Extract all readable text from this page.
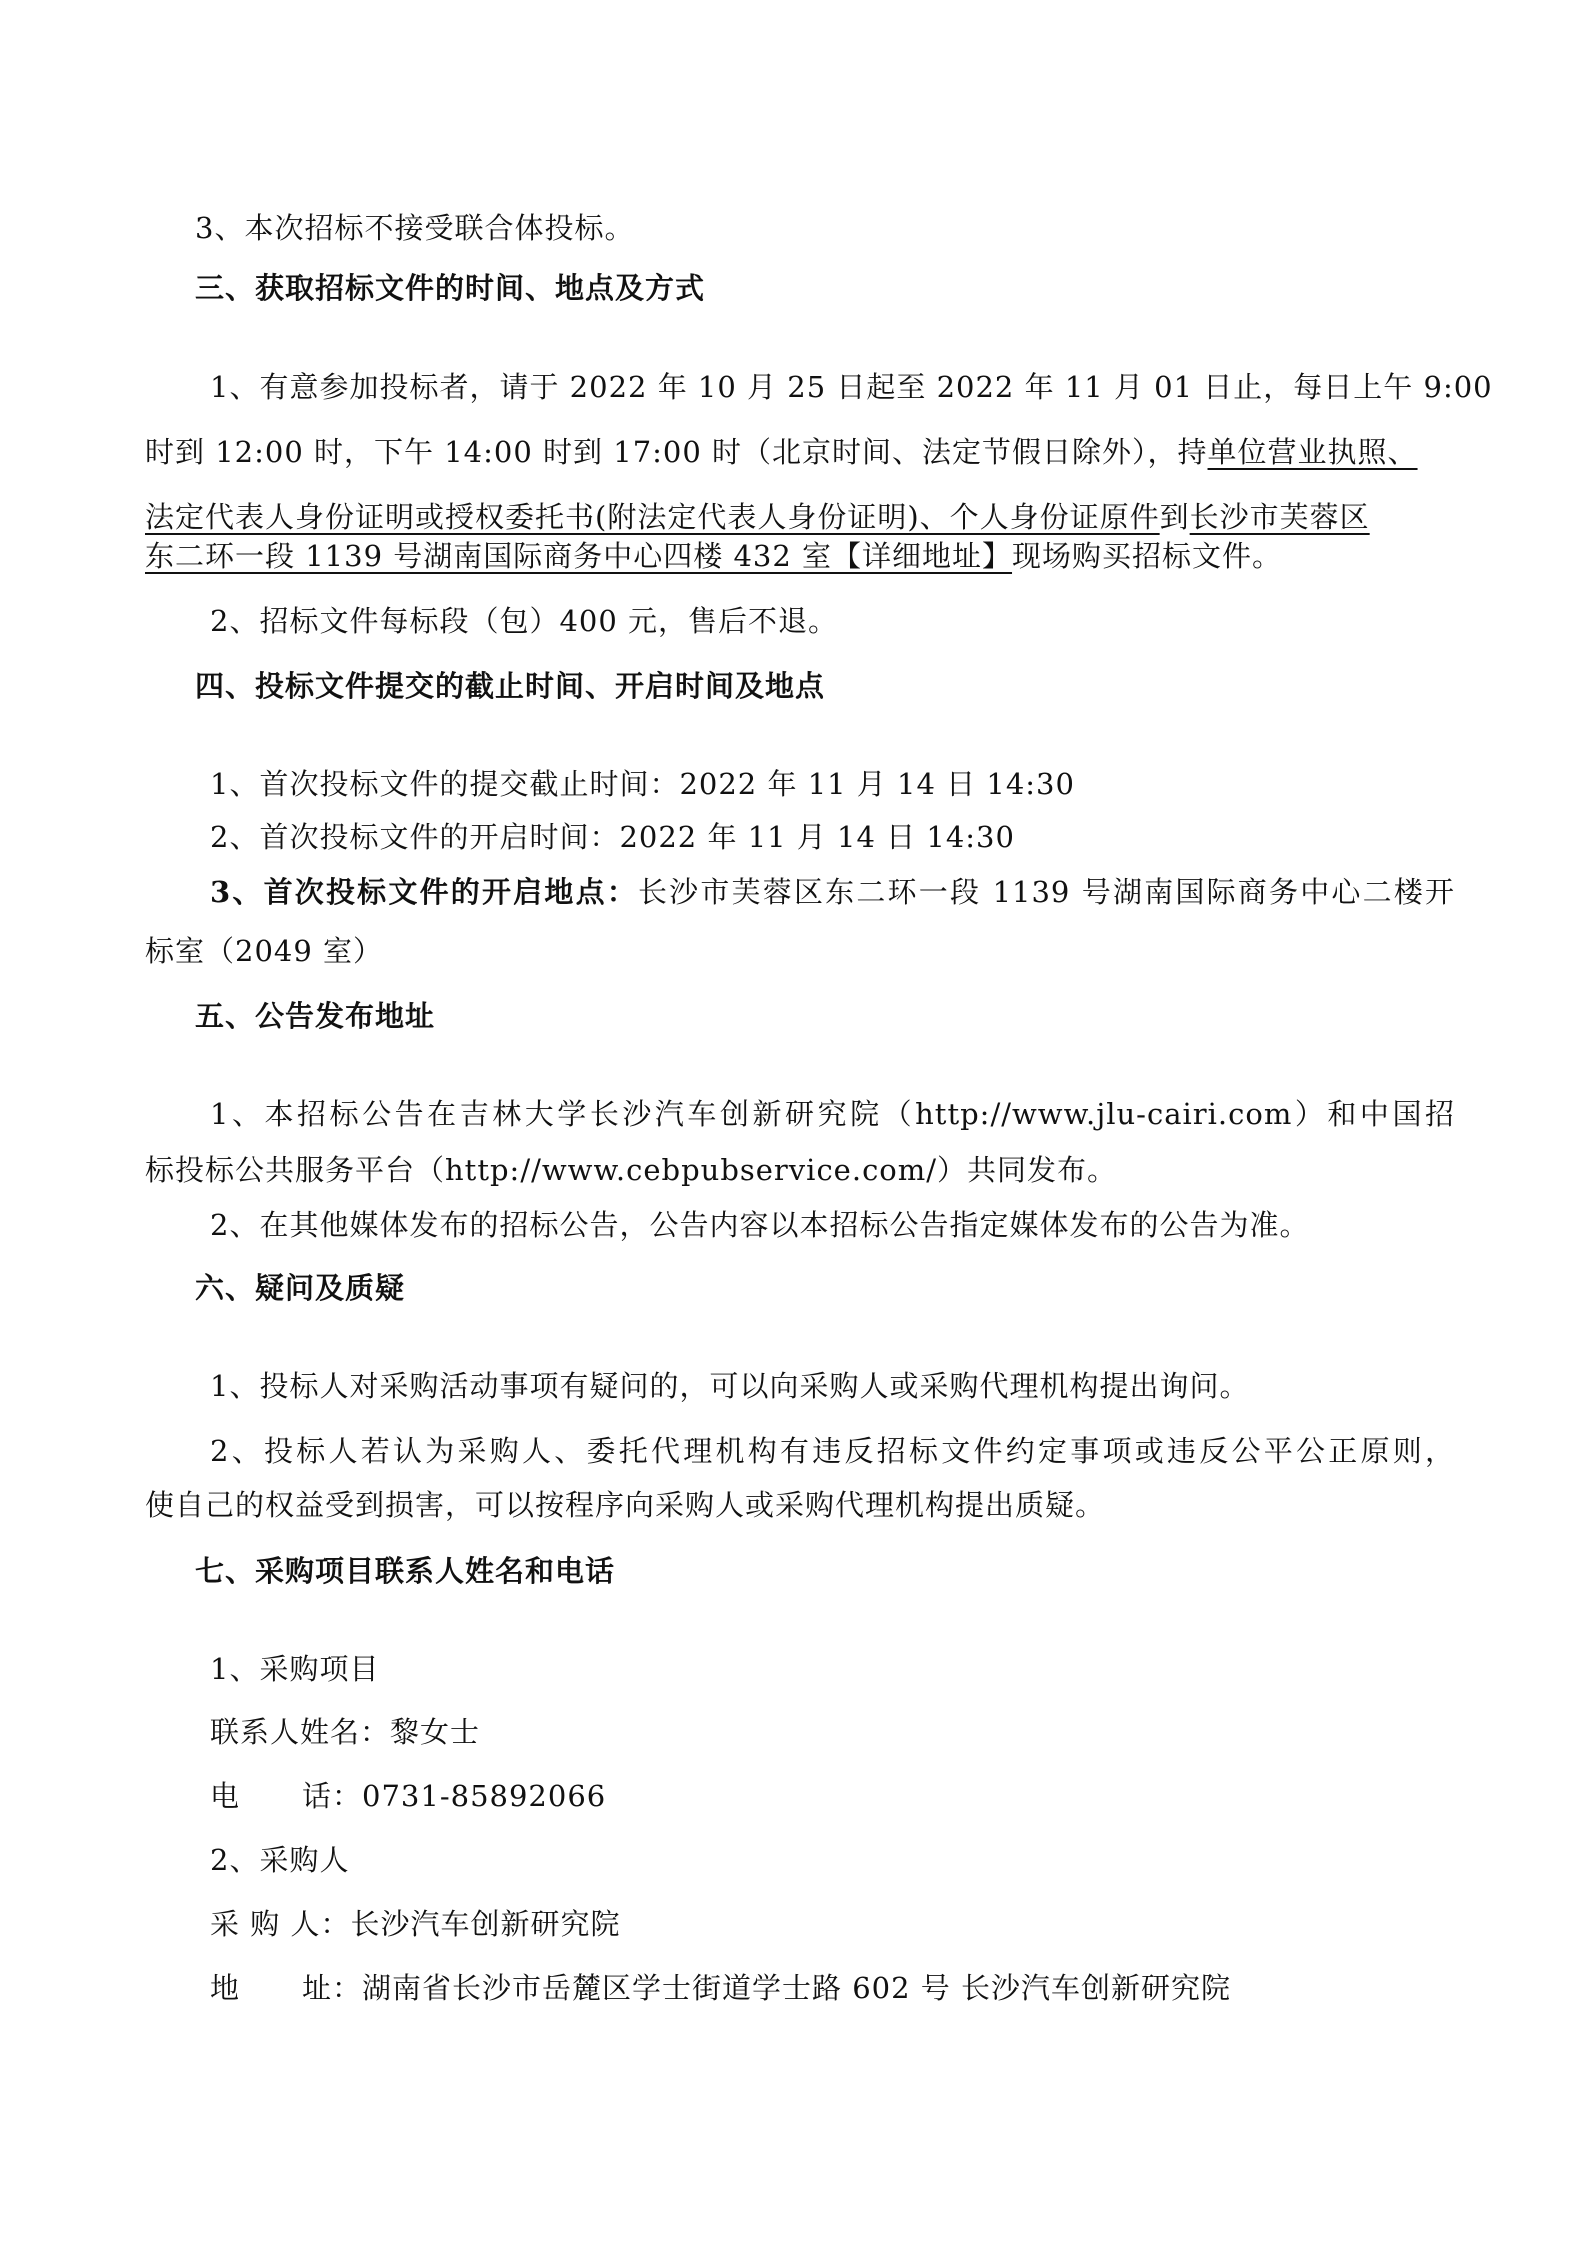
3、本次招标不接受联合体投标。
三、获取招标文件的时间、地点及方式
1、有意参加投标者，请于 2022 年 10 月 25 日起至 2022 年 11 月 01 日止，每日上午 9:00
时到 12:00 时，下午 14:00 时到 17:00 时（北京时间、法定节假日除外），持单位营业执照、
法定代表人身份证明或授权委托书(附法定代表人身份证明)、个人身份证原件到长沙市芙蓉区
东二环一段 1139 号湖南国际商务中心四楼 432 室【详细地址】现场购买招标文件。
2、招标文件每标段（包）400 元，售后不退。
四、投标文件提交的截止时间、开启时间及地点
1、首次投标文件的提交截止时间：2022 年 11 月 14 日 14:30
2、首次投标文件的开启时间：2022 年 11 月 14 日 14:30
3、首次投标文件的开启地点：长沙市芙蓉区东二环一段 1139 号湖南国际商务中心二楼开
标室（2049 室）
五、公告发布地址
1、本招标公告在吉林大学长沙汽车创新研究院（http://www.jlu-cairi.com）和中国招
标投标公共服务平台（http://www.cebpubservice.com/）共同发布。
2、在其他媒体发布的招标公告，公告内容以本招标公告指定媒体发布的公告为准。
六、疑问及质疑
1、投标人对采购活动事项有疑问的，可以向采购人或采购代理机构提出询问。
2、投标人若认为采购人、委托代理机构有违反招标文件约定事项或违反公平公正原则，
使自己的权益受到损害，可以按程序向采购人或采购代理机构提出质疑。
七、采购项目联系人姓名和电话
1、采购项目
联系人姓名：黎女士
电 话：0731-85892066
2、采购人
采 购 人：长沙汽车创新研究院
地 址：湖南省长沙市岳麓区学士街道学士路 602 号 长沙汽车创新研究院
